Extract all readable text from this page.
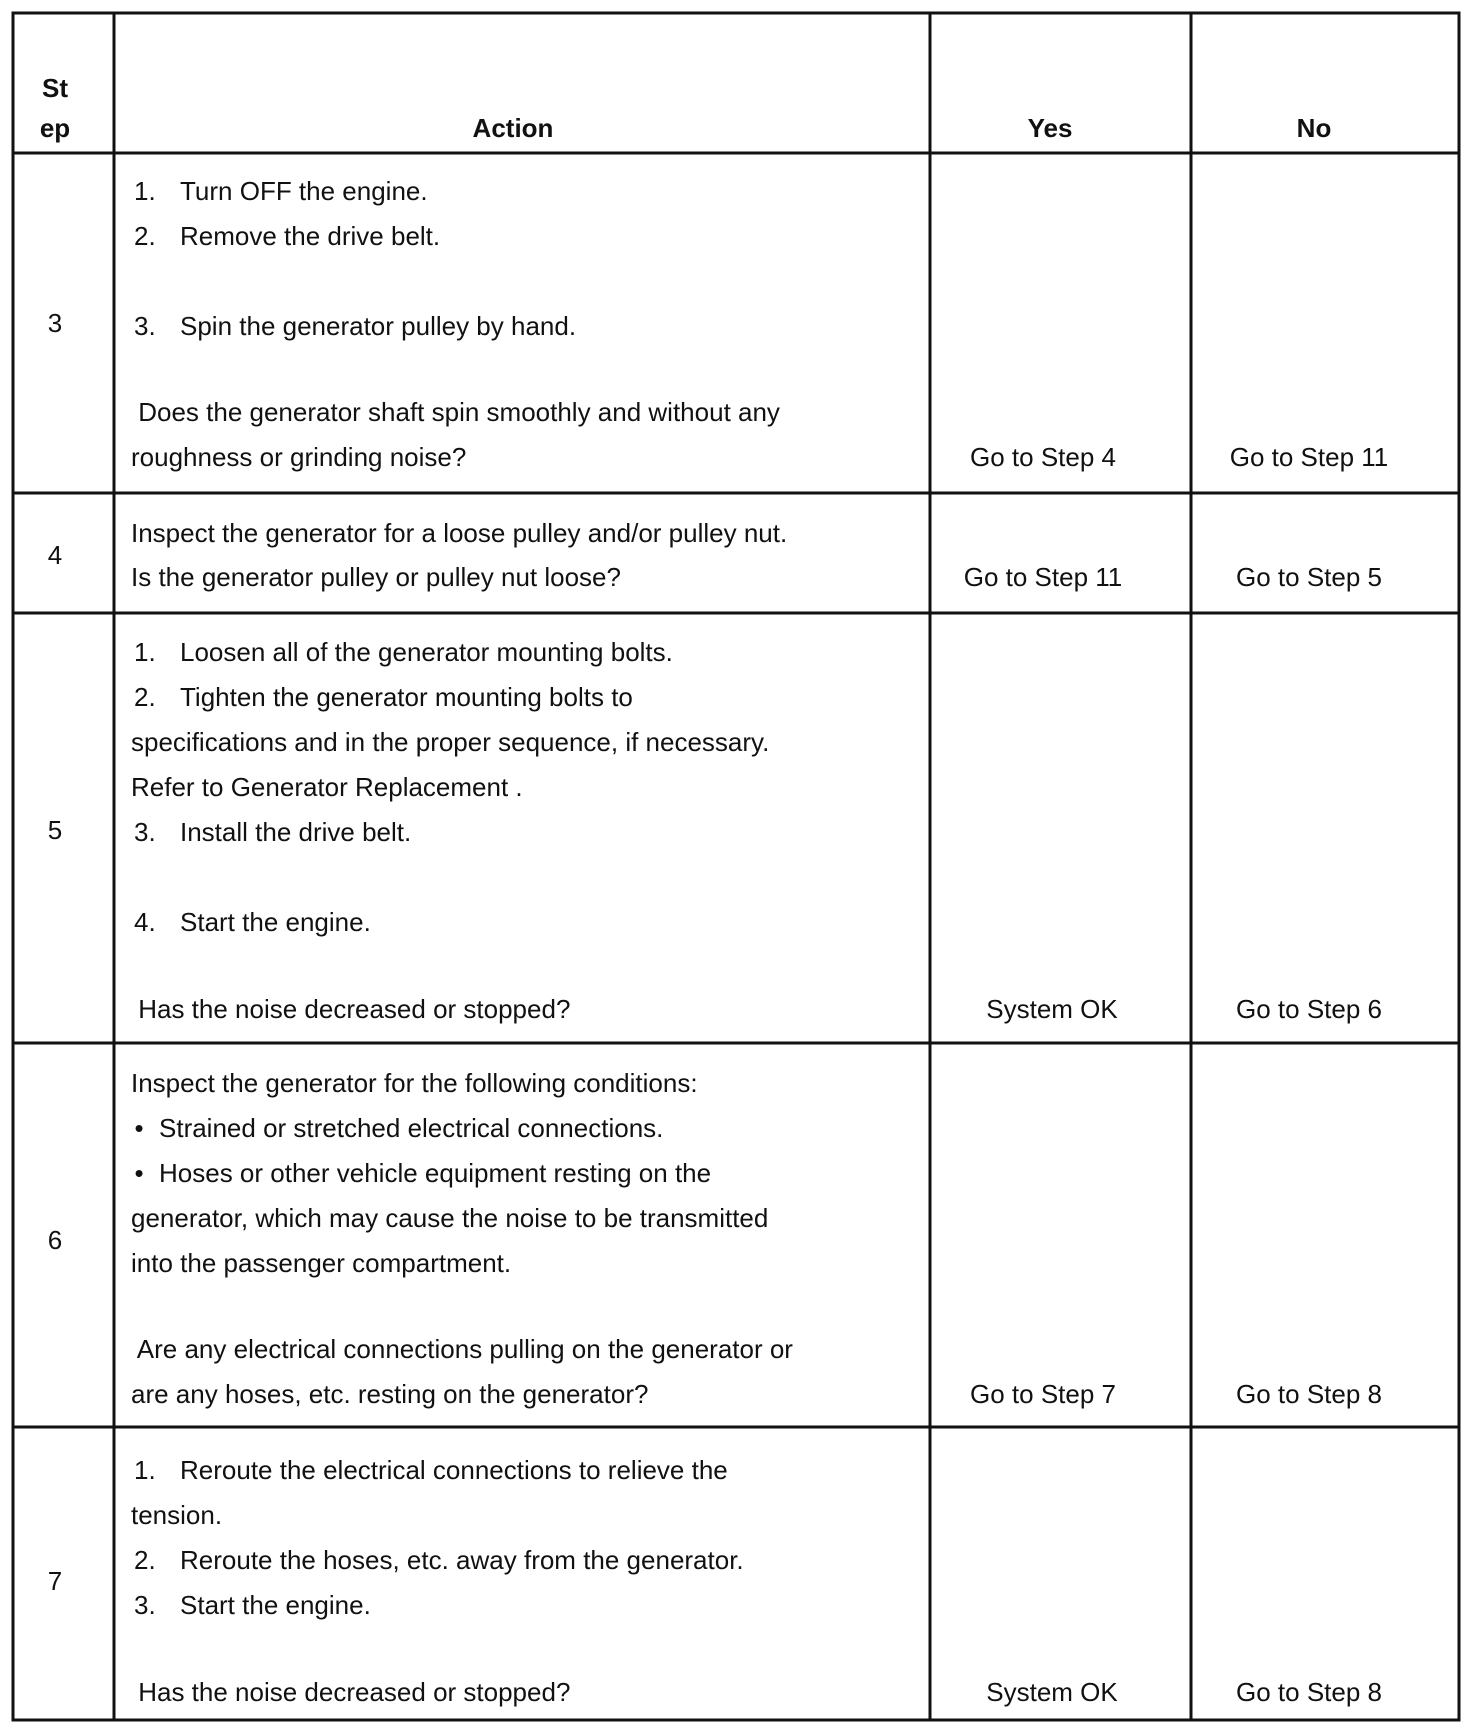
St
ep	Action	Yes	No
3
1. Turn OFF the engine.
2. Remove the drive belt.
3. Spin the generator pulley by hand.
Does the generator shaft spin smoothly and without any
roughness or grinding noise?	Go to Step 4	Go to Step 11
4
Inspect the generator for a loose pulley and/or pulley nut.
Is the generator pulley or pulley nut loose?	Go to Step 11	Go to Step 5
5
1. Loosen all of the generator mounting bolts.
2. Tighten the generator mounting bolts to
specifications and in the proper sequence, if necessary.
Refer to Generator Replacement .
3. Install the drive belt.
4. Start the engine.
Has the noise decreased or stopped?	System OK	Go to Step 6
6
Inspect the generator for the following conditions:
• Strained or stretched electrical connections.
• Hoses or other vehicle equipment resting on the
generator, which may cause the noise to be transmitted
into the passenger compartment.
Are any electrical connections pulling on the generator or
are any hoses, etc. resting on the generator?	Go to Step 7	Go to Step 8
7
1. Reroute the electrical connections to relieve the
tension.
2. Reroute the hoses, etc. away from the generator.
3. Start the engine.
Has the noise decreased or stopped?	System OK	Go to Step 8
